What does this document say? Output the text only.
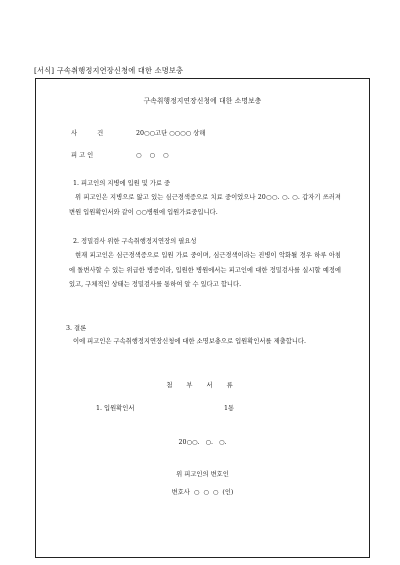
[서식] 구속취행정지연장신청에 대한 소명보충
구속취행정지연장신청에 대한 소명보충
사 건	20○○고단 ○○○○ 상해
피 고 인	○ ○ ○
1. 피고인의 지병에 입원 및 가료 중
위 피고인은 지병으로 앓고 있는 심근경색증으로 치료 중이었으나 20○○. ○. ○. 갑자기 쓰러져 변원 입원확인서와 같이 ○○병원에 입원가료중입니다.
2. 정밀검사 위한 구속취행정지연장의 필요성
현재 피고인은 심근경색증으로 입원 가료 중이며, 심근경색이라는 진병이 악화될 경우 하루 아침에 돌변사할 수 있는 위급한 병증이라, 입원한 병원에서는 피고인에 대한 정밀검사를 실시할 예정에 있고, 구체적인 상태는 정밀검사를 통하여 알 수 있다고 합니다.
3. 결론
이에 피고인은 구속취행정지연장신청에 대한 소명보충으로 입원확인서를 제출합니다.
첨 부 서 류
1. 입원확인서	1통
20○○. ○. ○.
위 피고인의 변호인
변호사 ○ ○ ○ (인)
